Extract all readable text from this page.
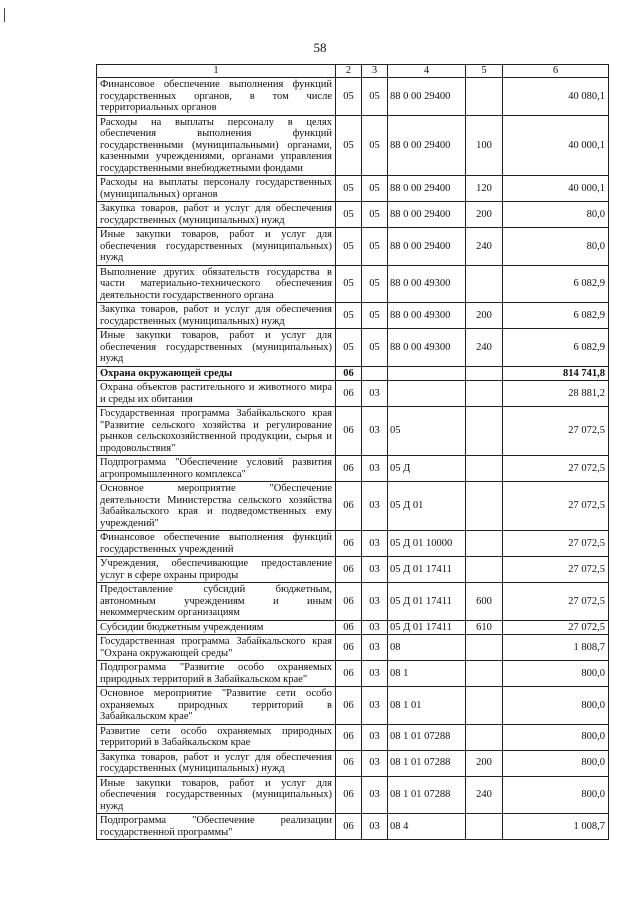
58
1	2	3	4	5	6
Финансовое обеспечение выполнения функций государственных органов, в том числе территориальных органов	05	05	88 0 00 29400		40 080,1
Расходы на выплаты персоналу в целях обеспечения выполнения функций государственными (муниципальными) органами, казенными учреждениями, органами управления государственными внебюджетными фондами	05	05	88 0 00 29400	100	40 000,1
Расходы на выплаты персоналу государственных (муниципальных) органов	05	05	88 0 00 29400	120	40 000,1
Закупка товаров, работ и услуг для обеспечения государственных (муниципальных) нужд	05	05	88 0 00 29400	200	80,0
Иные закупки товаров, работ и услуг для обеспечения государственных (муниципальных) нужд	05	05	88 0 00 29400	240	80,0
Выполнение других обязательств государства в части материально-технического обеспечения деятельности государственного органа	05	05	88 0 00 49300		6 082,9
Закупка товаров, работ и услуг для обеспечения государственных (муниципальных) нужд	05	05	88 0 00 49300	200	6 082,9
Иные закупки товаров, работ и услуг для обеспечения государственных (муниципальных) нужд	05	05	88 0 00 49300	240	6 082,9
Охрана окружающей среды	06				814 741,8
Охрана объектов растительного и животного мира и среды их обитания	06	03			28 881,2
Государственная программа Забайкальского края "Развитие сельского хозяйства и регулирование рынков сельскохозяйственной продукции, сырья и продовольствия"	06	03	05		27 072,5
Подпрограмма "Обеспечение условий развития агропромышленного комплекса"	06	03	05 Д		27 072,5
Основное мероприятие "Обеспечение деятельности Министерства сельского хозяйства Забайкальского края и подведомственных ему учреждений"	06	03	05 Д 01		27 072,5
Финансовое обеспечение выполнения функций государственных учреждений	06	03	05 Д 01 10000		27 072,5
Учреждения, обеспечивающие предоставление услуг в сфере охраны природы	06	03	05 Д 01 17411		27 072,5
Предоставление субсидий бюджетным, автономным учреждениям и иным некоммерческим организациям	06	03	05 Д 01 17411	600	27 072,5
Субсидии бюджетным учреждениям	06	03	05 Д 01 17411	610	27 072,5
Государственная программа Забайкальского края "Охрана окружающей среды"	06	03	08		1 808,7
Подпрограмма "Развитие особо охраняемых природных территорий в Забайкальском крае"	06	03	08 1		800,0
Основное мероприятие "Развитие сети особо охраняемых природных территорий в Забайкальском крае"	06	03	08 1 01		800,0
Развитие сети особо охраняемых природных территорий в Забайкальском крае	06	03	08 1 01 07288		800,0
Закупка товаров, работ и услуг для обеспечения государственных (муниципальных) нужд	06	03	08 1 01 07288	200	800,0
Иные закупки товаров, работ и услуг для обеспечения государственных (муниципальных) нужд	06	03	08 1 01 07288	240	800,0
Подпрограмма "Обеспечение реализации государственной программы"	06	03	08 4		1 008,7
